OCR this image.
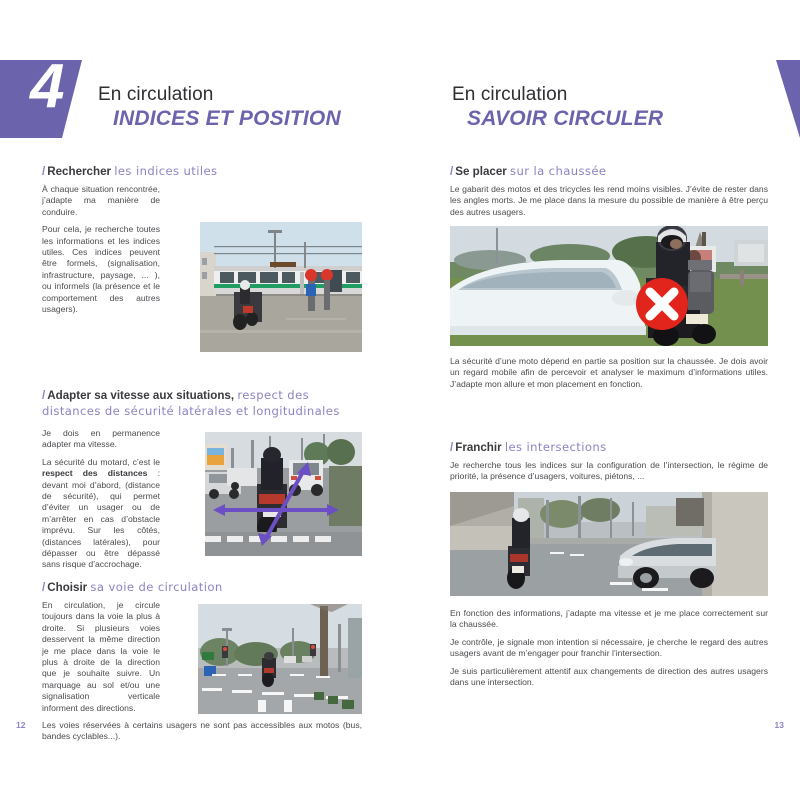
4 En circulation
INDICES ET POSITION
/ Rechercher les indices utiles

À chaque situation rencontrée, j’adapte ma manière de conduire.

Pour cela, je recherche toutes les informations et les indices utiles. Ces indices peuvent être formels, (signalisation, infrastructure, paysage, ... ), ou informels (la présence et le comportement des autres usagers).

/ Adapter sa vitesse aux situations, respect des
distances de sécurité latérales et longitudinales

Je dois en permanence adapter ma vitesse.

La sécurité du motard, c’est le respect des distances : devant moi d’abord, (distance de sécurité), qui permet d’éviter un usager ou de m’arrêter en cas d’obstacle imprévu. Sur les côtés, (distances latérales), pour dépasser ou être dépassé sans risque d’accrochage.

/ Choisir sa voie de circulation

En circulation, je circule toujours dans la voie la plus à droite. Si plusieurs voies desservent la même direction je me place dans la voie le plus à droite de la direction que je souhaite suivre. Un marquage au sol et/ou une signalisation verticale informent des directions.

Les voies réservées à certains usagers ne sont pas accessibles aux motos (bus, bandes cyclables...).

12
En circulation
SAVOIR CIRCULER
/ Se placer sur la chaussée

Le gabarit des motos et des tricycles les rend moins visibles. J’évite de rester dans les angles morts. Je me place dans la mesure du possible de manière à être perçu des autres usagers.

La sécurité d’une moto dépend en partie sa position sur la chaussée. Je dois avoir un regard mobile afin de percevoir et analyser le maximum d’informations utiles. J’adapte mon allure et mon placement en fonction.

/ Franchir les intersections

Je recherche tous les indices sur la configuration de l’intersection, le régime de priorité, la présence d’usagers, voitures, piétons, ...

En fonction des informations, j’adapte ma vitesse et je me place correctement sur la chaussée.

Je contrôle, je signale mon intention si nécessaire, je cherche le regard des autres usagers avant de m’engager pour franchir l’intersection.

Je suis particulièrement attentif aux changements de direction des autres usagers dans une intersection.

13
